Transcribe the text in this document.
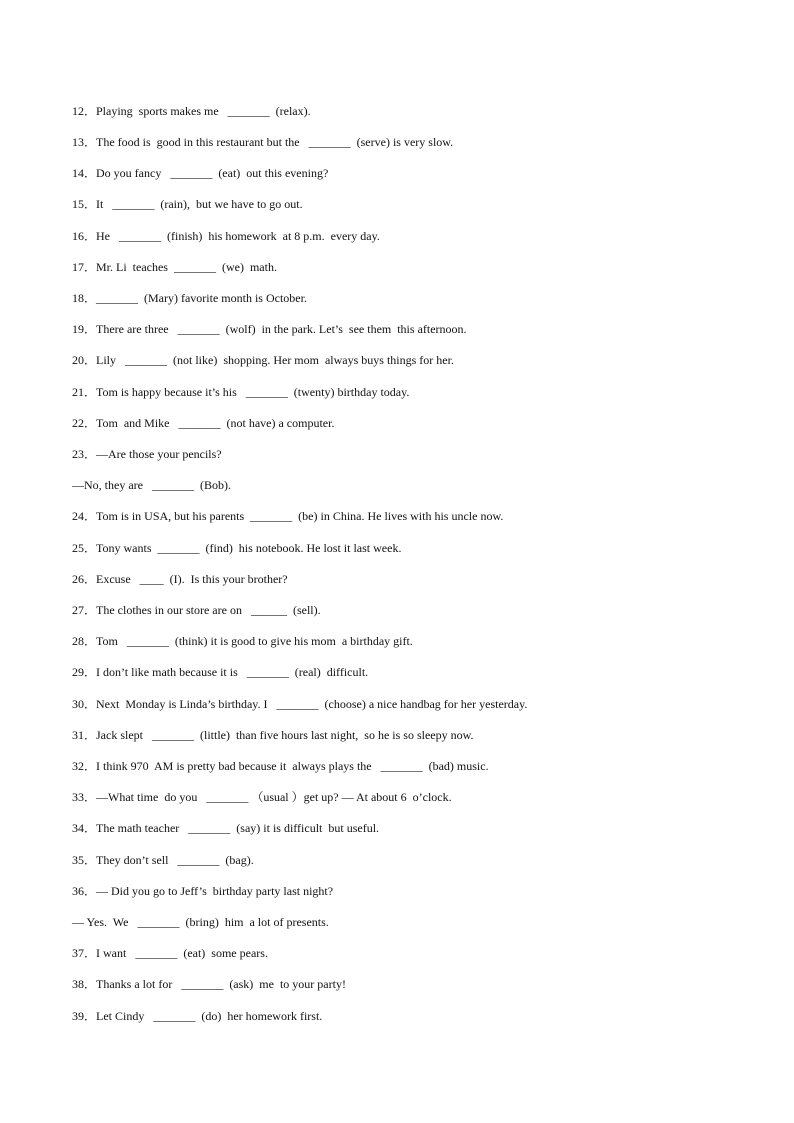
12．Playing  sports makes me   _______  (relax).
13．The food is  good in this restaurant but the   _______  (serve) is very slow.
14．Do you fancy   _______  (eat)  out this evening?
15．It   _______  (rain),  but we have to go out.
16．He   _______  (finish)  his homework  at 8 p.m.  every day.
17．Mr. Li  teaches  _______  (we)  math.
18．_______  (Mary) favorite month is October.
19．There are three   _______  (wolf)  in the park. Let’s  see them  this afternoon.
20．Lily   _______  (not like)  shopping. Her mom  always buys things for her.
21．Tom is happy because it’s his   _______  (twenty) birthday today.
22．Tom  and Mike   _______  (not have) a computer.
23．—Are those your pencils?
—No, they are   _______  (Bob).
24．Tom is in USA, but his parents  _______  (be) in China. He lives with his uncle now.
25．Tony wants  _______  (find)  his notebook. He lost it last week.
26．Excuse   ____  (I).  Is this your brother?
27．The clothes in our store are on   ______  (sell).
28．Tom   _______  (think) it is good to give his mom  a birthday gift.
29．I don’t like math because it is   _______  (real)  difficult.
30．Next  Monday is Linda’s birthday. I   _______  (choose) a nice handbag for her yesterday.
31．Jack slept   _______  (little)  than five hours last night,  so he is so sleepy now.
32．I think 970  AM is pretty bad because it  always plays the   _______  (bad) music.
33．—What time  do you   _______ （usual ）get up? — At about 6  o’clock.
34．The math teacher   _______  (say) it is difficult  but useful.
35．They don’t sell   _______  (bag).
36．— Did you go to Jeff’s  birthday party last night?
— Yes.  We   _______  (bring)  him  a lot of presents.
37．I want   _______  (eat)  some pears.
38．Thanks a lot for   _______  (ask)  me  to your party!
39．Let Cindy   _______  (do)  her homework first.
